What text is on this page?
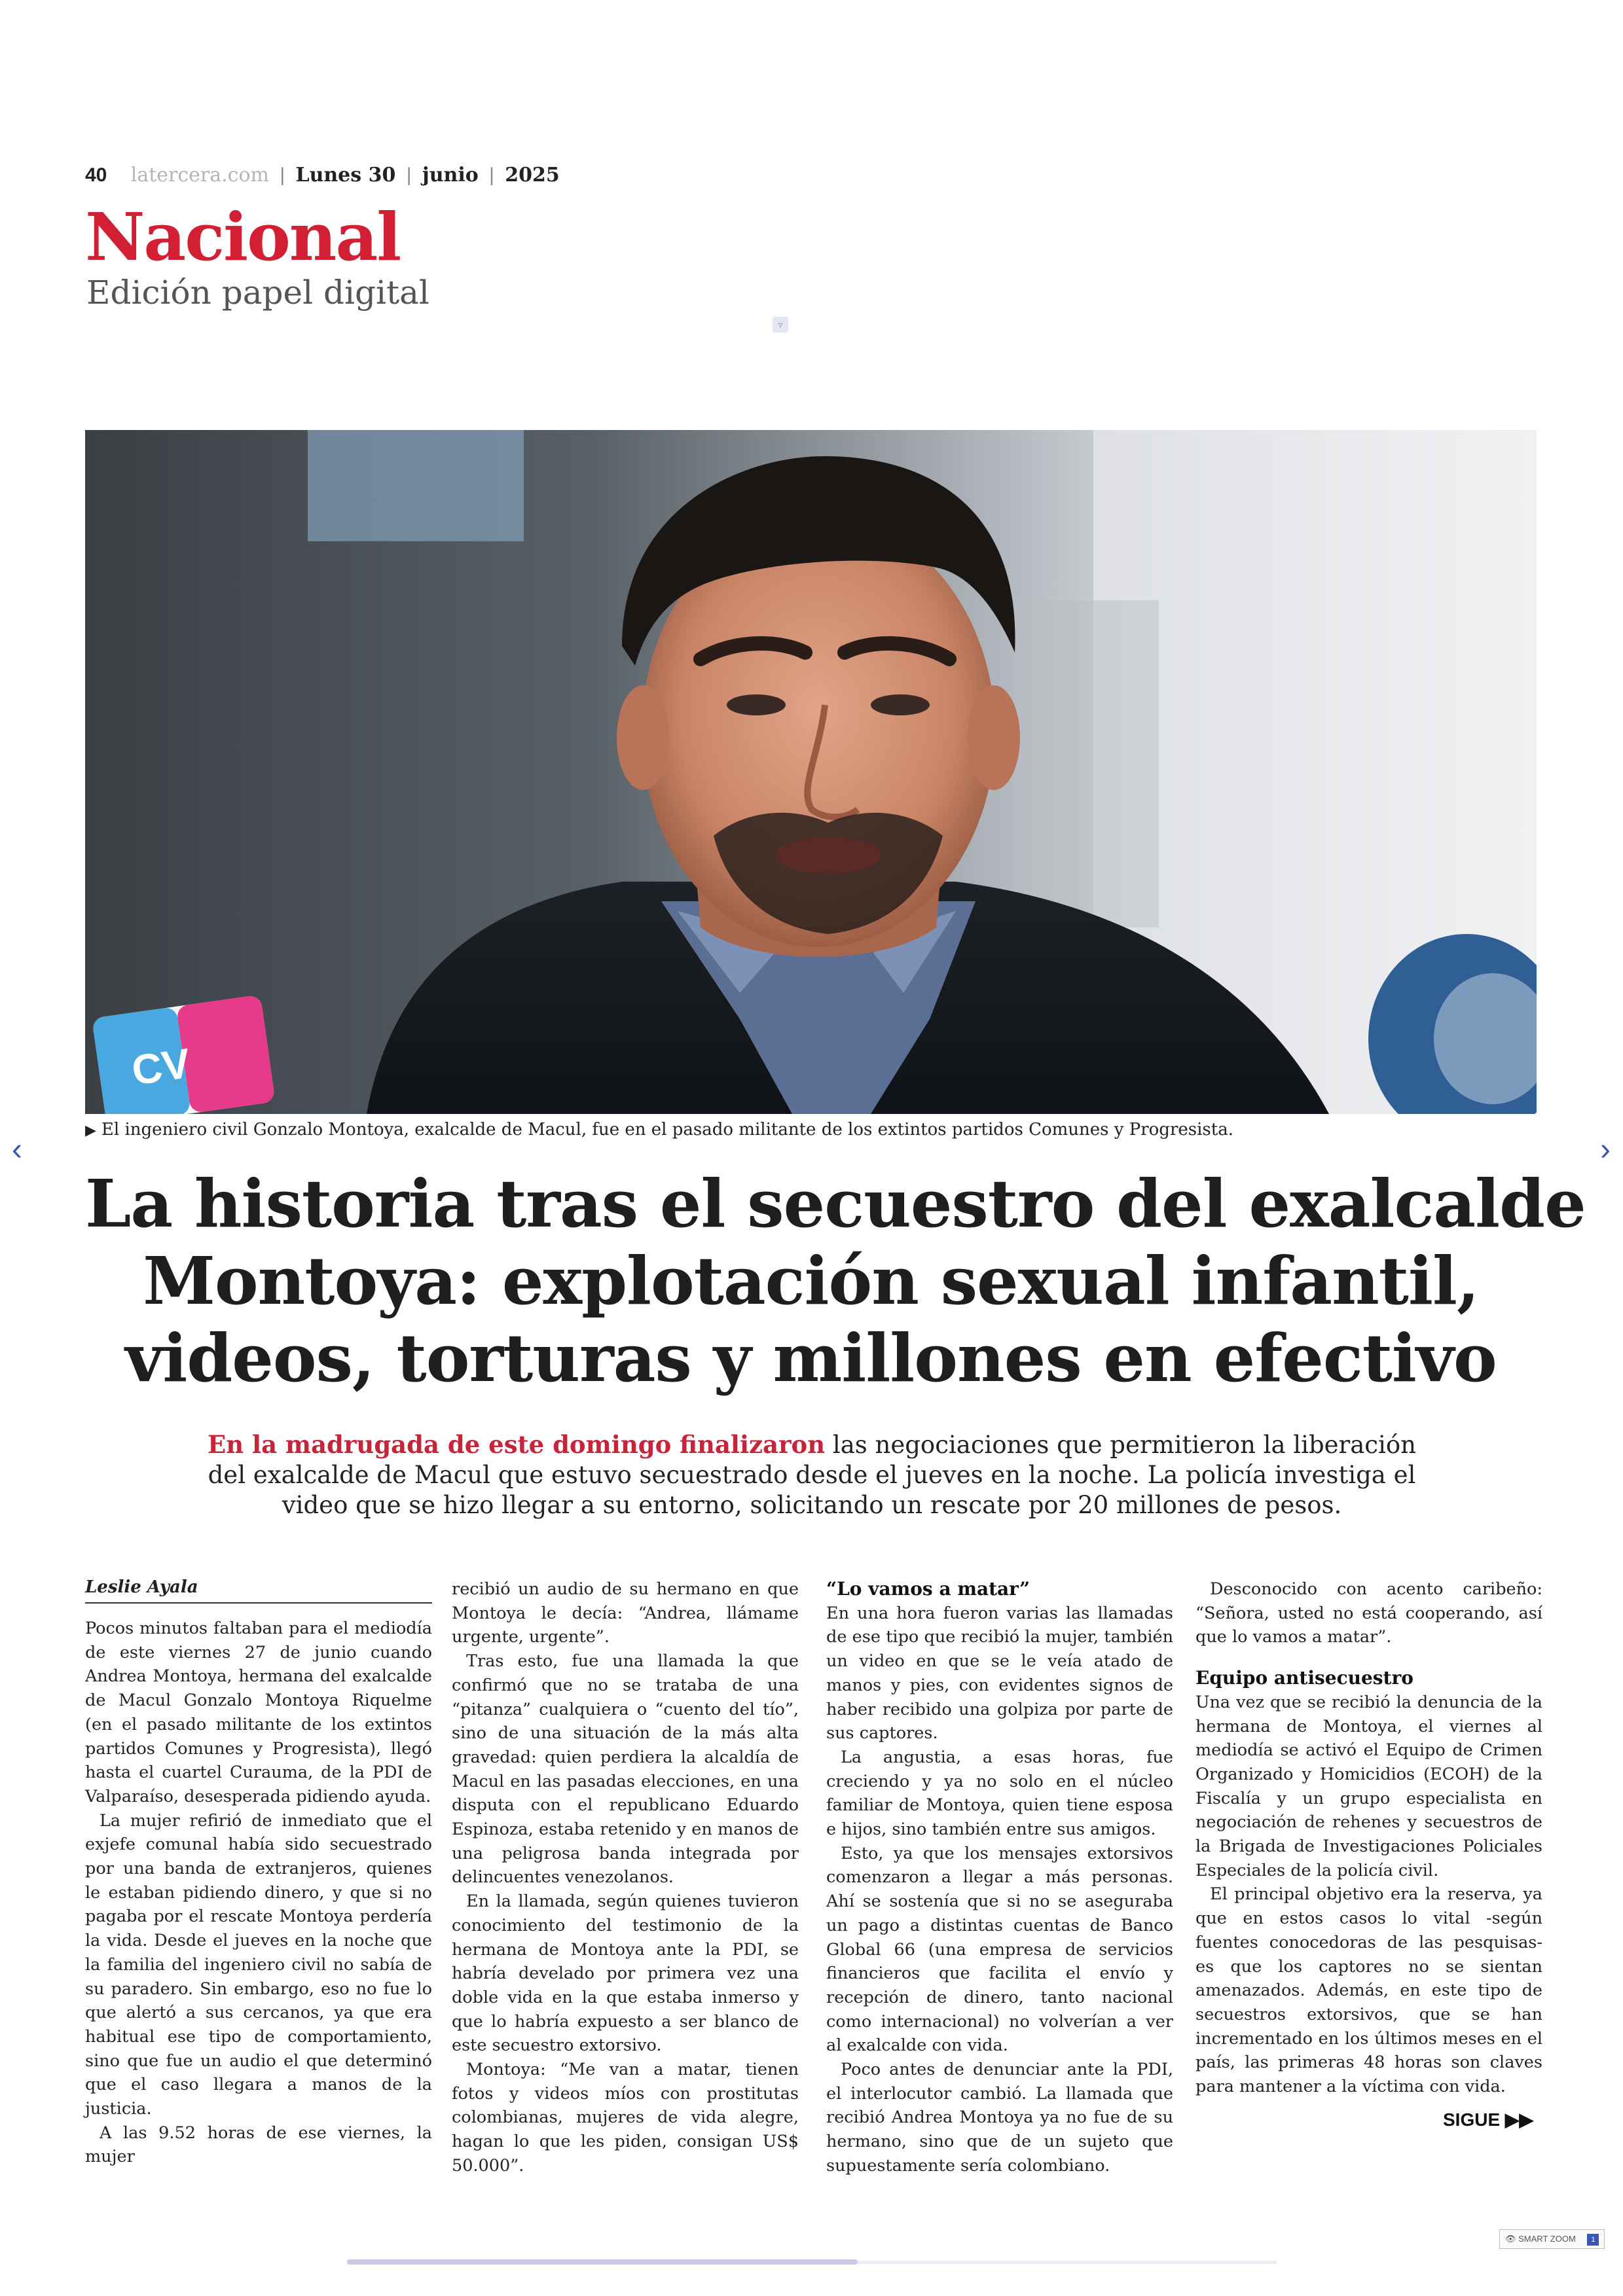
40 latercera.com | Lunes 30 | junio | 2025
Nacional
Edición papel digital
▿
CV
▶ El ingeniero civil Gonzalo Montoya, exalcalde de Macul, fue en el pasado militante de los extintos partidos Comunes y Progresista.
‹	›
La historia tras el secuestro del exalcalde
Montoya: explotación sexual infantil,
videos, torturas y millones en efectivo
En la madrugada de este domingo finalizaron las negociaciones que permitieron la liberación del exalcalde de Macul que estuvo secuestrado desde el jueves en la noche. La policía investiga el video que se hizo llegar a su entorno, solicitando un rescate por 20 millones de pesos.
Leslie Ayala

Pocos minutos faltaban para el mediodía de este viernes 27 de junio cuando Andrea Montoya, hermana del exalcalde de Macul Gonzalo Montoya Riquelme (en el pasado militante de los extintos partidos Comunes y Progresista), llegó hasta el cuartel Curauma, de la PDI de Valparaíso, desesperada pidiendo ayuda.

La mujer refirió de inmediato que el exjefe comunal había sido secuestrado por una banda de extranjeros, quienes le estaban pidiendo dinero, y que si no pagaba por el rescate Montoya perdería la vida. Desde el jueves en la noche que la familia del ingeniero civil no sabía de su paradero. Sin embargo, eso no fue lo que alertó a sus cercanos, ya que era habitual ese tipo de comportamiento, sino que fue un audio el que determinó que el caso llegara a manos de la justicia.

A las 9.52 horas de ese viernes, la mujer

recibió un audio de su hermano en que Montoya le decía: “Andrea, llámame urgente, urgente”.

Tras esto, fue una llamada la que confirmó que no se trataba de una “pitanza” cualquiera o “cuento del tío”, sino de una situación de la más alta gravedad: quien perdiera la alcaldía de Macul en las pasadas elecciones, en una disputa con el republicano Eduardo Espinoza, estaba retenido y en manos de una peligrosa banda integrada por delincuentes venezolanos.

En la llamada, según quienes tuvieron conocimiento del testimonio de la hermana de Montoya ante la PDI, se habría develado por primera vez una doble vida en la que estaba inmerso y que lo habría expuesto a ser blanco de este secuestro extorsivo.

Montoya: “Me van a matar, tienen fotos y videos míos con prostitutas colombianas, mujeres de vida alegre, hagan lo que les piden, consigan US$ 50.000”.

“Lo vamos a matar”

En una hora fueron varias las llamadas de ese tipo que recibió la mujer, también un video en que se le veía atado de manos y pies, con evidentes signos de haber recibido una golpiza por parte de sus captores.

La angustia, a esas horas, fue creciendo y ya no solo en el núcleo familiar de Montoya, quien tiene esposa e hijos, sino también entre sus amigos.

Esto, ya que los mensajes extorsivos comenzaron a llegar a más personas. Ahí se sostenía que si no se aseguraba un pago a distintas cuentas de Banco Global 66 (una empresa de servicios financieros que facilita el envío y recepción de dinero, tanto nacional como internacional) no volverían a ver al exalcalde con vida.

Poco antes de denunciar ante la PDI, el interlocutor cambió. La llamada que recibió Andrea Montoya ya no fue de su hermano, sino que de un sujeto que supuestamente sería colombiano.

Desconocido con acento caribeño: “Señora, usted no está cooperando, así que lo vamos a matar”.

Equipo antisecuestro

Una vez que se recibió la denuncia de la hermana de Montoya, el viernes al mediodía se activó el Equipo de Crimen Organizado y Homicidios (ECOH) de la Fiscalía y un grupo especialista en negociación de rehenes y secuestros de la Brigada de Investigaciones Policiales Especiales de la policía civil.

El principal objetivo era la reserva, ya que en estos casos lo vital -según fuentes conocedoras de las pesquisas- es que los captores no se sientan amenazados. Además, en este tipo de secuestros extorsivos, que se han incrementado en los últimos meses en el país, las primeras 48 horas son claves para mantener a la víctima con vida.

SIGUE ▶▶
👁 SMART ZOOM 1
